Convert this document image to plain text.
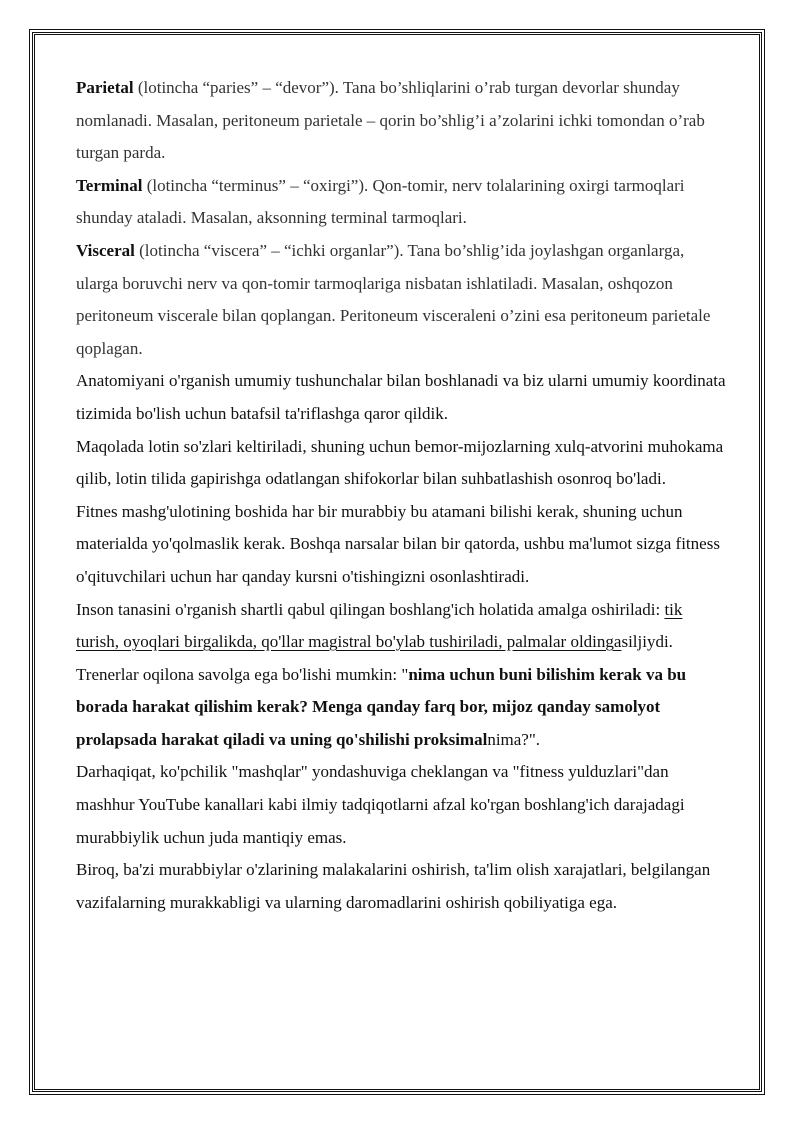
Parietal (lotincha “paries” – “devor”). Tana bo’shliqlarini o’rab turgan devorlar shunday nomlanadi. Masalan, peritoneum parietale – qorin bo’shlig’i a’zolarini ichki tomondan o’rab turgan parda.

Terminal (lotincha “terminus” – “oxirgi”). Qon-tomir, nerv tolalarining oxirgi tarmoqlari shunday ataladi. Masalan, aksonning terminal tarmoqlari.

Visceral (lotincha “viscera” – “ichki organlar”). Tana bo’shlig’ida joylashgan organlarga, ularga boruvchi nerv va qon-tomir tarmoqlariga nisbatan ishlatiladi. Masalan, oshqozon peritoneum viscerale bilan qoplangan. Peritoneum visceraleni o’zini esa peritoneum parietale qoplagan.

Anatomiyani o'rganish umumiy tushunchalar bilan boshlanadi va biz ularni umumiy koordinata tizimida bo'lish uchun batafsil ta'riflashga qaror qildik.

Maqolada lotin so'zlari keltiriladi, shuning uchun bemor-mijozlarning xulq-atvorini muhokama qilib, lotin tilida gapirishga odatlangan shifokorlar bilan suhbatlashish osonroq bo'ladi.

Fitnes mashg'ulotining boshida har bir murabbiy bu atamani bilishi kerak, shuning uchun materialda yo'qolmaslik kerak. Boshqa narsalar bilan bir qatorda, ushbu ma'lumot sizga fitness o'qituvchilari uchun har qanday kursni o'tishingizni osonlashtiradi.

Inson tanasini o'rganish shartli qabul qilingan boshlang'ich holatida amalga oshiriladi: tik turish, oyoqlari birgalikda, qo'llar magistral bo'ylab tushiriladi, palmalar oldingasiljiydi.

Trenerlar oqilona savolga ega bo'lishi mumkin: "nima uchun buni bilishim kerak va bu borada harakat qilishim kerak? Menga qanday farq bor, mijoz qanday samolyot prolapsada harakat qiladi va uning qo'shilishi proksimalnima?".

Darhaqiqat, ko'pchilik "mashqlar" yondashuviga cheklangan va "fitness yulduzlari"dan mashhur YouTube kanallari kabi ilmiy tadqiqotlarni afzal ko'rgan boshlang'ich darajadagi murabbiylik uchun juda mantiqiy emas.

Biroq, ba'zi murabbiylar o'zlarining malakalarini oshirish, ta'lim olish xarajatlari, belgilangan vazifalarning murakkabligi va ularning daromadlarini oshirish qobiliyatiga ega.
